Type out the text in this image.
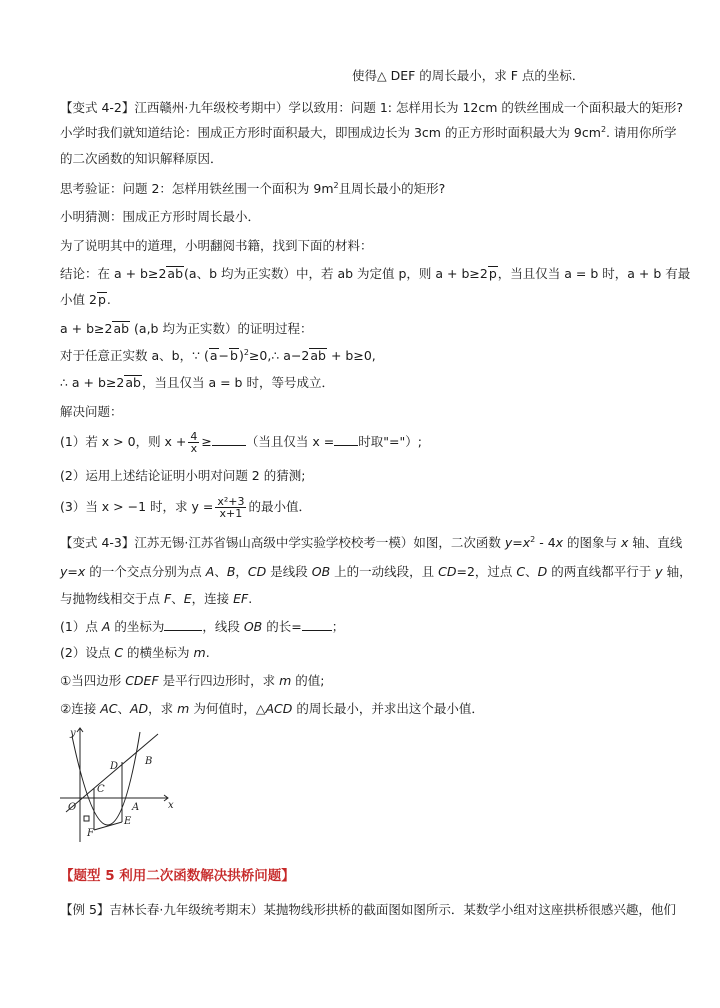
使得△ DEF 的周长最小，求 F 点的坐标．
【变式 4-2】江西赣州·九年级校考期中）学以致用：问题 1: 怎样用长为 12cm 的铁丝围成一个面积最大的矩形?
小学时我们就知道结论：围成正方形时面积最大，即围成边长为 3cm 的正方形时面积最大为 $9cm^2$. 请用你所学
的二次函数的知识解释原因．
思考验证：问题 2：怎样用铁丝围一个面积为 $9m^2$且周长最小的矩形?
小明猜测：围成正方形时周长最小．
为了说明其中的道理，小明翻阅书籍，找到下面的材料：
结论：在 a + b≥2ab(a、b 均为正实数）中，若 ab 为定值 p，则 a + b≥2p，当且仅当 a = b 时，a + b 有最
小值 2p.
a + b≥2ab (a,b 均为正实数）的证明过程：
对于任意正实数 a、b，∵ $(a-b)^2\ge 0,\therefore$ a−2ab + b≥0,
∴ a + b≥2ab，当且仅当 a = b 时，等号成立．
解决问题：
(1）若 x > 0，则 $x + \frac{4}{x}$ ≥	（当且仅当 x = 时取"="）;
(2）运用上述结论证明小明对问题 2 的猜测;
(3）当 x > −1 时，求 $y = \frac{\text{x²+3}}{x+1}$ 的最小值．
【变式 4-3】江苏无锡·江苏省锡山高级中学实验学校校考一模）如图，二次函数 $y=x^2 - 4x$ 的图象与 x 轴、直线
y=x 的一个交点分别为点 A、B，CD 是线段 OB 上的一动线段，且 CD=2，过点 C、D 的两直线都平行于 y 轴，
与抛物线相交于点 F、E，连接 EF.
(1）点 A 的坐标为	，线段 OB 的长= ；
(2）设点 C 的横坐标为 m.
①当四边形 CDEF 是平行四边形时，求 m 的值;
②连接 AC、AD，求 m 为何值时，△ACD 的周长最小，并求出这个最小值．
y
x
O	A
B
C
D
E
F
【题型 5 利用二次函数解决拱桥问题】
【例 5】吉林长春·九年级统考期末）某抛物线形拱桥的截面图如图所示．某数学小组对这座拱桥很感兴趣，他们
